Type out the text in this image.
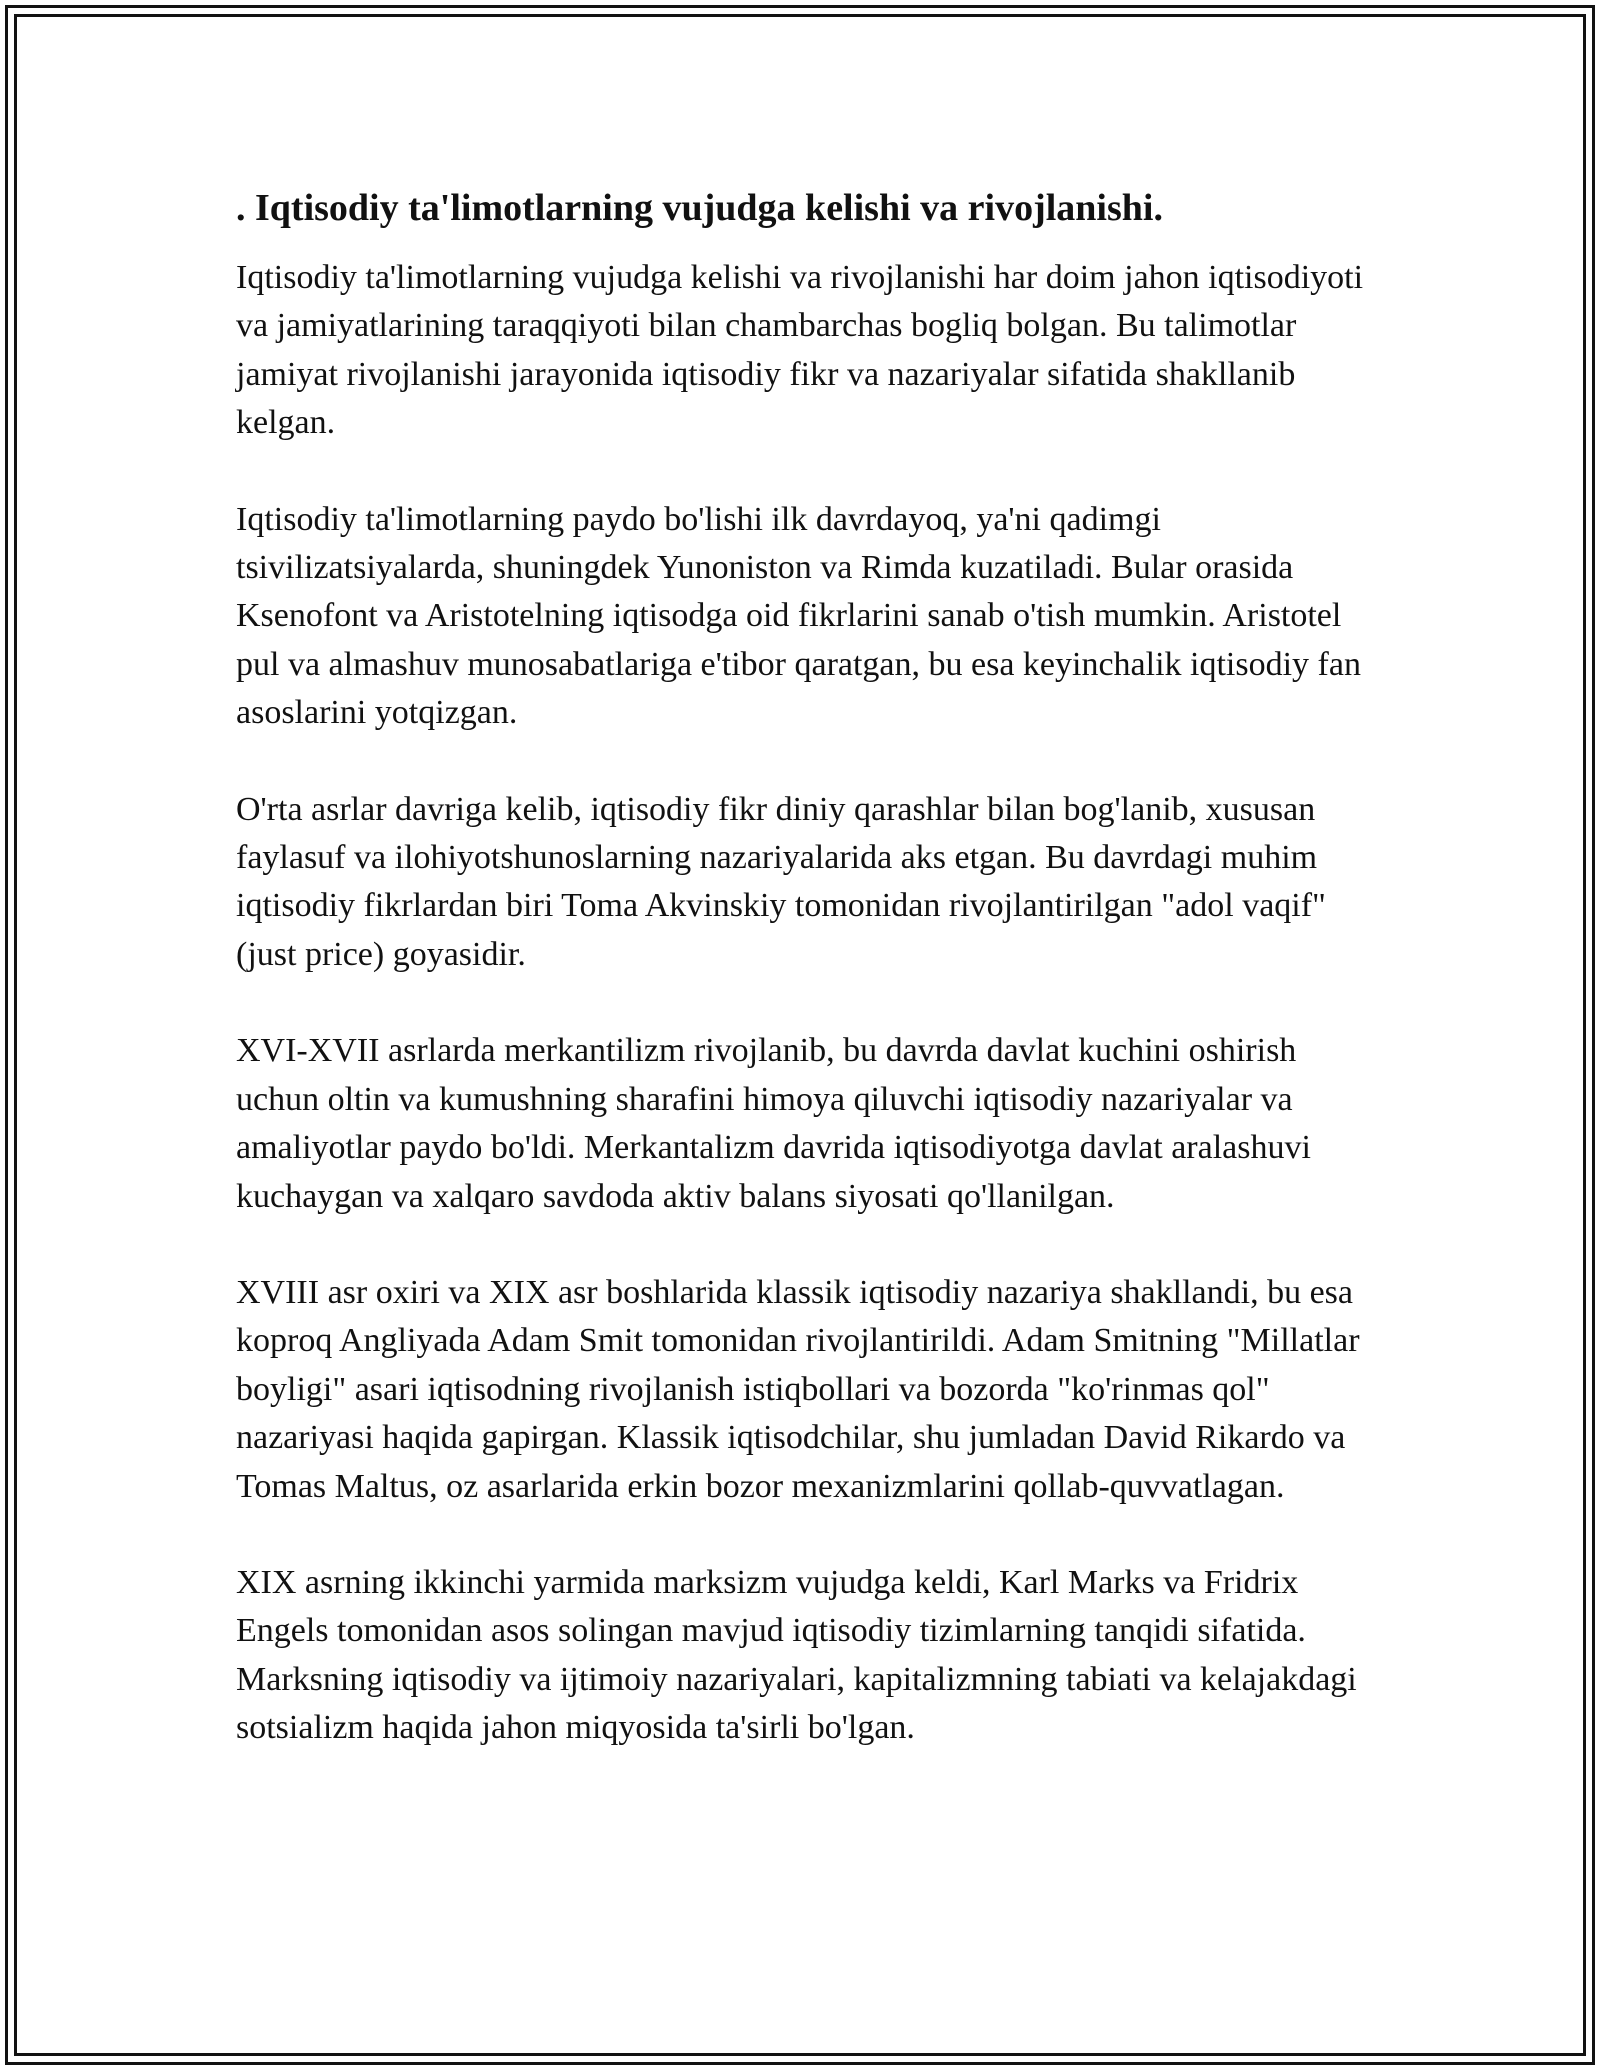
. Iqtisodiy ta'limotlarning vujudga kelishi va rivojlanishi.

Iqtisodiy ta'limotlarning vujudga kelishi va rivojlanishi har doim jahon iqtisodiyoti va jamiyatlarining taraqqiyoti bilan chambarchas bogliq bolgan. Bu talimotlar jamiyat rivojlanishi jarayonida iqtisodiy fikr va nazariyalar sifatida shakllanib kelgan.

Iqtisodiy ta'limotlarning paydo bo'lishi ilk davrdayoq, ya'ni qadimgi tsivilizatsiyalarda, shuningdek Yunoniston va Rimda kuzatiladi. Bular orasida Ksenofont va Aristotelning iqtisodga oid fikrlarini sanab o'tish mumkin. Aristotel pul va almashuv munosabatlariga e'tibor qaratgan, bu esa keyinchalik iqtisodiy fan asoslarini yotqizgan.

O'rta asrlar davriga kelib, iqtisodiy fikr diniy qarashlar bilan bog'lanib, xususan faylasuf va ilohiyotshunoslarning nazariyalarida aks etgan. Bu davrdagi muhim iqtisodiy fikrlardan biri Toma Akvinskiy tomonidan rivojlantirilgan "adol vaqif" (just price) goyasidir.

XVI-XVII asrlarda merkantilizm rivojlanib, bu davrda davlat kuchini oshirish uchun oltin va kumushning sharafini himoya qiluvchi iqtisodiy nazariyalar va amaliyotlar paydo bo'ldi. Merkantalizm davrida iqtisodiyotga davlat aralashuvi kuchaygan va xalqaro savdoda aktiv balans siyosati qo'llanilgan.

XVIII asr oxiri va XIX asr boshlarida klassik iqtisodiy nazariya shakllandi, bu esa koproq Angliyada Adam Smit tomonidan rivojlantirildi. Adam Smitning "Millatlar boyligi" asari iqtisodning rivojlanish istiqbollari va bozorda "ko'rinmas qol" nazariyasi haqida gapirgan. Klassik iqtisodchilar, shu jumladan David Rikardo va Tomas Maltus, oz asarlarida erkin bozor mexanizmlarini qollab-quvvatlagan.

XIX asrning ikkinchi yarmida marksizm vujudga keldi, Karl Marks va Fridrix Engels tomonidan asos solingan mavjud iqtisodiy tizimlarning tanqidi sifatida. Marksning iqtisodiy va ijtimoiy nazariyalari, kapitalizmning tabiati va kelajakdagi sotsializm haqida jahon miqyosida ta'sirli bo'lgan.
